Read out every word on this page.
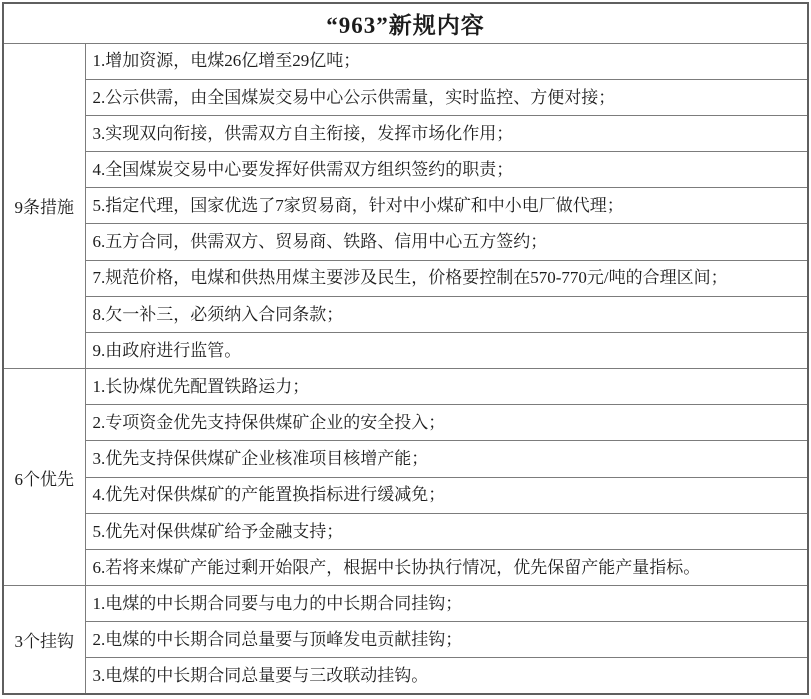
“963”新规内容	
9条措施	1.增加资源，电煤26亿增至29亿吨；
	2.公示供需，由全国煤炭交易中心公示供需量，实时监控、方便对接；
	3.实现双向衔接，供需双方自主衔接，发挥市场化作用；
	4.全国煤炭交易中心要发挥好供需双方组织签约的职责；
	5.指定代理，国家优选了7家贸易商，针对中小煤矿和中小电厂做代理；
	6.五方合同，供需双方、贸易商、铁路、信用中心五方签约；
	7.规范价格，电煤和供热用煤主要涉及民生，价格要控制在570-770元/吨的合理区间；
	8.欠一补三，必须纳入合同条款；
	9.由政府进行监管。
6个优先	1.长协煤优先配置铁路运力；
	2.专项资金优先支持保供煤矿企业的安全投入；
	3.优先支持保供煤矿企业核准项目核增产能；
	4.优先对保供煤矿的产能置换指标进行缓减免；
	5.优先对保供煤矿给予金融支持；
	6.若将来煤矿产能过剩开始限产，根据中长协执行情况，优先保留产能产量指标。
3个挂钩	1.电煤的中长期合同要与电力的中长期合同挂钩；
	2.电煤的中长期合同总量要与顶峰发电贡献挂钩；
	3.电煤的中长期合同总量要与三改联动挂钩。
